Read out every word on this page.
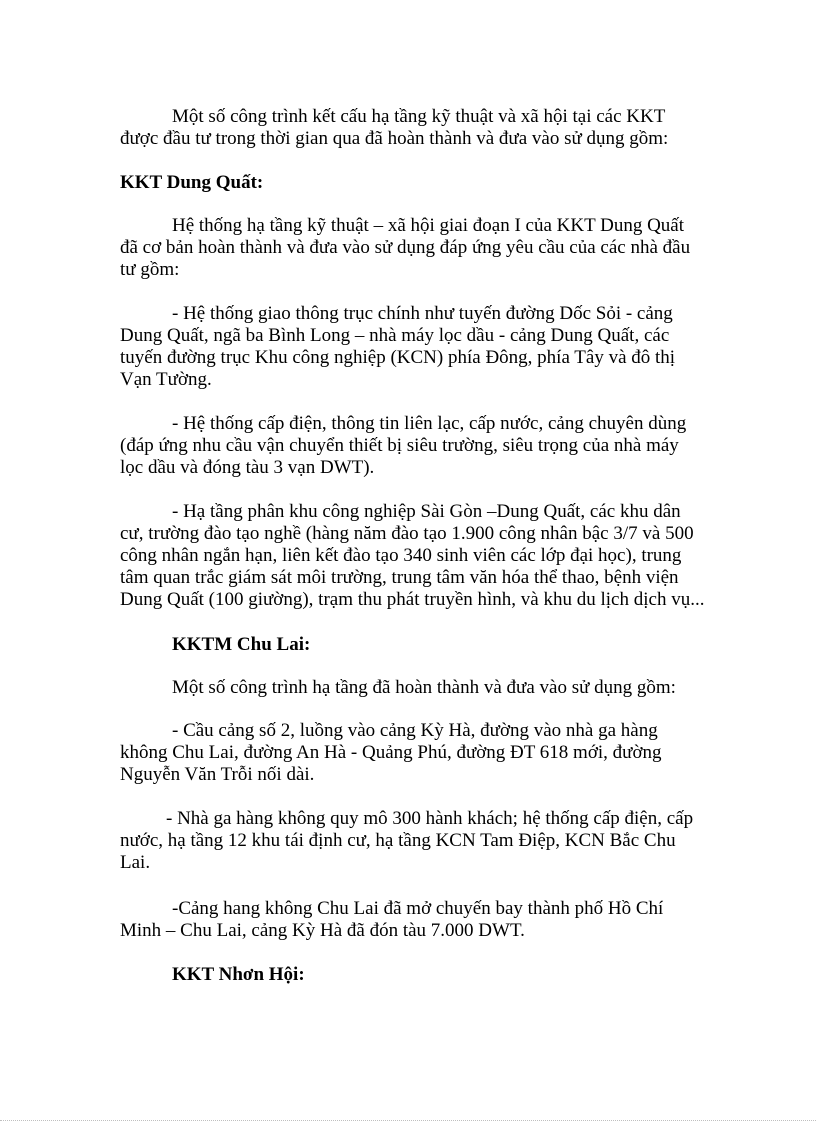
Một số công trình kết cấu hạ tầng kỹ thuật và xã hội tại các KKT
được đầu tư trong thời gian qua đã hoàn thành và đưa vào sử dụng gồm:
KKT Dung Quất:
Hệ thống hạ tầng kỹ thuật – xã hội giai đoạn I của KKT Dung Quất
đã cơ bản hoàn thành và đưa vào sử dụng đáp ứng yêu cầu của các nhà đầu
tư gồm:
- Hệ thống giao thông trục chính như tuyến đường Dốc Sỏi - cảng
Dung Quất, ngã ba Bình Long – nhà máy lọc dầu - cảng Dung Quất, các
tuyến đường trục Khu công nghiệp (KCN) phía Đông, phía Tây và đô thị
Vạn Tường.
- Hệ thống cấp điện, thông tin liên lạc, cấp nước, cảng chuyên dùng
(đáp ứng nhu cầu vận chuyển thiết bị siêu trường, siêu trọng của nhà máy
lọc dầu và đóng tàu 3 vạn DWT).
- Hạ tầng phân khu công nghiệp Sài Gòn –Dung Quất, các khu dân
cư, trường đào tạo nghề (hàng năm đào tạo 1.900 công nhân bậc 3/7 và 500
công nhân ngắn hạn, liên kết đào tạo 340 sinh viên các lớp đại học), trung
tâm quan trắc giám sát môi trường, trung tâm văn hóa thể thao, bệnh viện
Dung Quất (100 giường), trạm thu phát truyền hình, và khu du lịch dịch vụ...
KKTM Chu Lai:
Một số công trình hạ tầng đã hoàn thành và đưa vào sử dụng gồm:
- Cầu cảng số 2, luồng vào cảng Kỳ Hà, đường vào nhà ga hàng
không Chu Lai, đường An Hà - Quảng Phú, đường ĐT 618 mới, đường
Nguyễn Văn Trỗi nối dài.
- Nhà ga hàng không quy mô 300 hành khách; hệ thống cấp điện, cấp
nước, hạ tầng 12 khu tái định cư, hạ tầng KCN Tam Điệp, KCN Bắc Chu
Lai.
-Cảng hang không Chu Lai đã mở chuyến bay thành phố Hồ Chí
Minh – Chu Lai, cảng Kỳ Hà đã đón tàu 7.000 DWT.
KKT Nhơn Hội:
